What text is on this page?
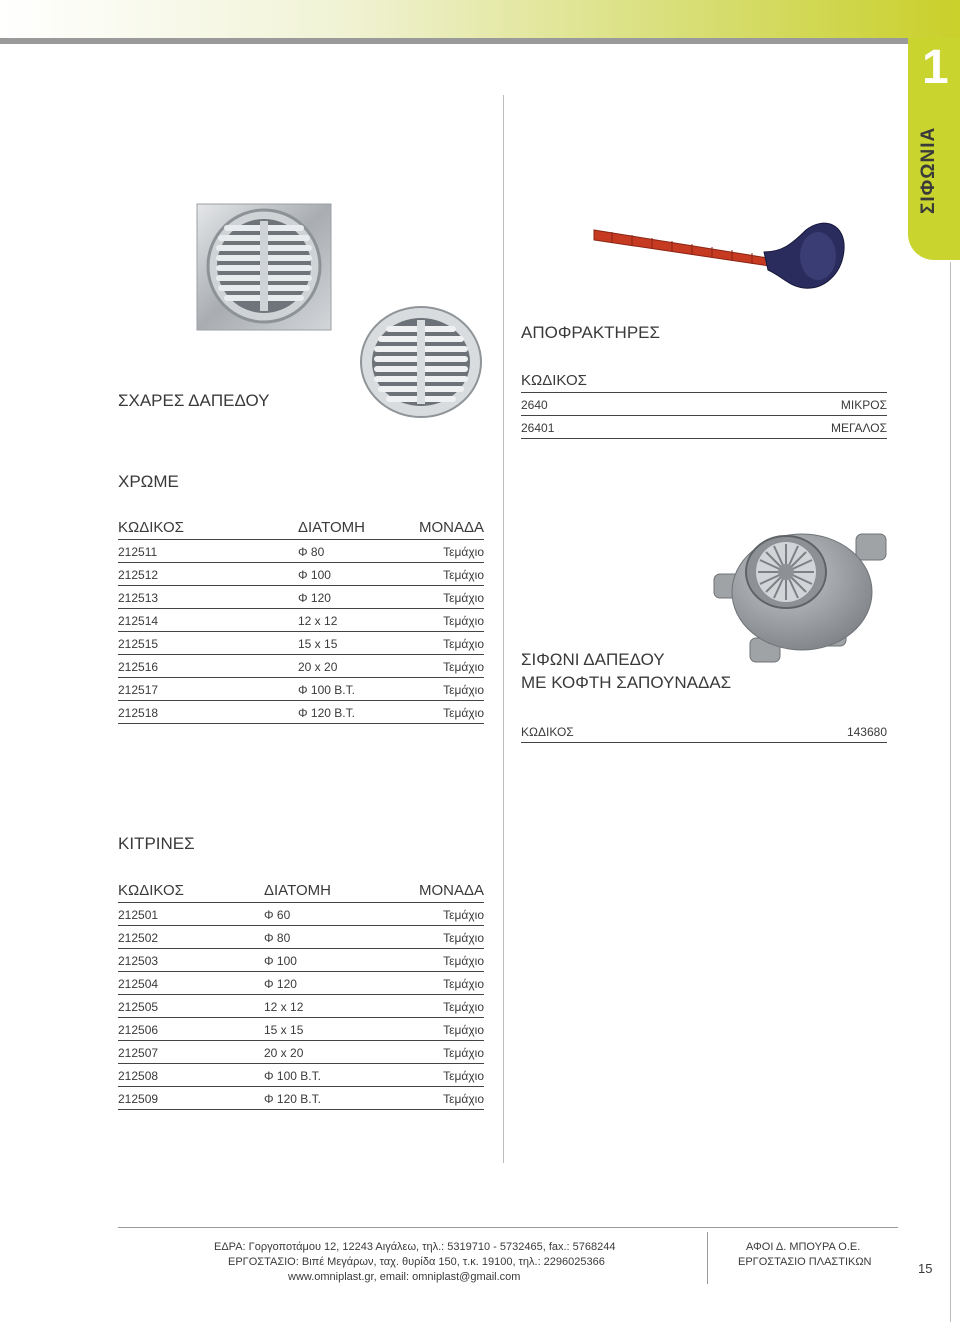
1
ΣΙΦΩΝΙΑ
ΣΧΑΡΕΣ ΔΑΠΕΔΟΥ
ΧΡΩΜΕ
ΚΩΔΙΚΟΣ	ΔΙΑΤΟΜΗ	ΜΟΝΑΔΑ
212511	Φ 80	Τεμάχιο
212512	Φ 100	Τεμάχιο
212513	Φ 120	Τεμάχιο
212514	12 x 12	Τεμάχιο
212515	15 x 15	Τεμάχιο
212516	20 x 20	Τεμάχιο
212517	Φ 100 Β.Τ.	Τεμάχιο
212518	Φ 120 Β.Τ.	Τεμάχιο
ΚΙΤΡΙΝΕΣ
ΚΩΔΙΚΟΣ	ΔΙΑΤΟΜΗ	ΜΟΝΑΔΑ
212501	Φ 60	Τεμάχιο
212502	Φ 80	Τεμάχιο
212503	Φ 100	Τεμάχιο
212504	Φ 120	Τεμάχιο
212505	12 x 12	Τεμάχιο
212506	15 x 15	Τεμάχιο
212507	20 x 20	Τεμάχιο
212508	Φ 100 Β.Τ.	Τεμάχιο
212509	Φ 120 Β.Τ.	Τεμάχιο
ΑΠΟΦΡΑΚΤΗΡΕΣ
ΚΩΔΙΚΟΣ
2640	ΜΙΚΡΟΣ
26401	ΜΕΓΑΛΟΣ
ΣΙΦΩΝΙ ΔΑΠΕΔΟΥ
ΜΕ ΚΟΦΤΗ ΣΑΠΟΥΝΑΔΑΣ
ΚΩΔΙΚΟΣ	143680
ΕΔΡΑ: Γοργοποτάμου 12, 12243 Αιγάλεω, τηλ.: 5319710 - 5732465, fax.: 5768244
ΕΡΓΟΣΤΑΣΙΟ: Βιπέ Μεγάρων, ταχ. θυρίδα 150, τ.κ. 19100, τηλ.: 2296025366
www.omniplast.gr, email: omniplast@gmail.com
ΑΦΟΙ Δ. ΜΠΟΥΡΑ Ο.Ε.
ΕΡΓΟΣΤΑΣΙΟ ΠΛΑΣΤΙΚΩΝ	15
